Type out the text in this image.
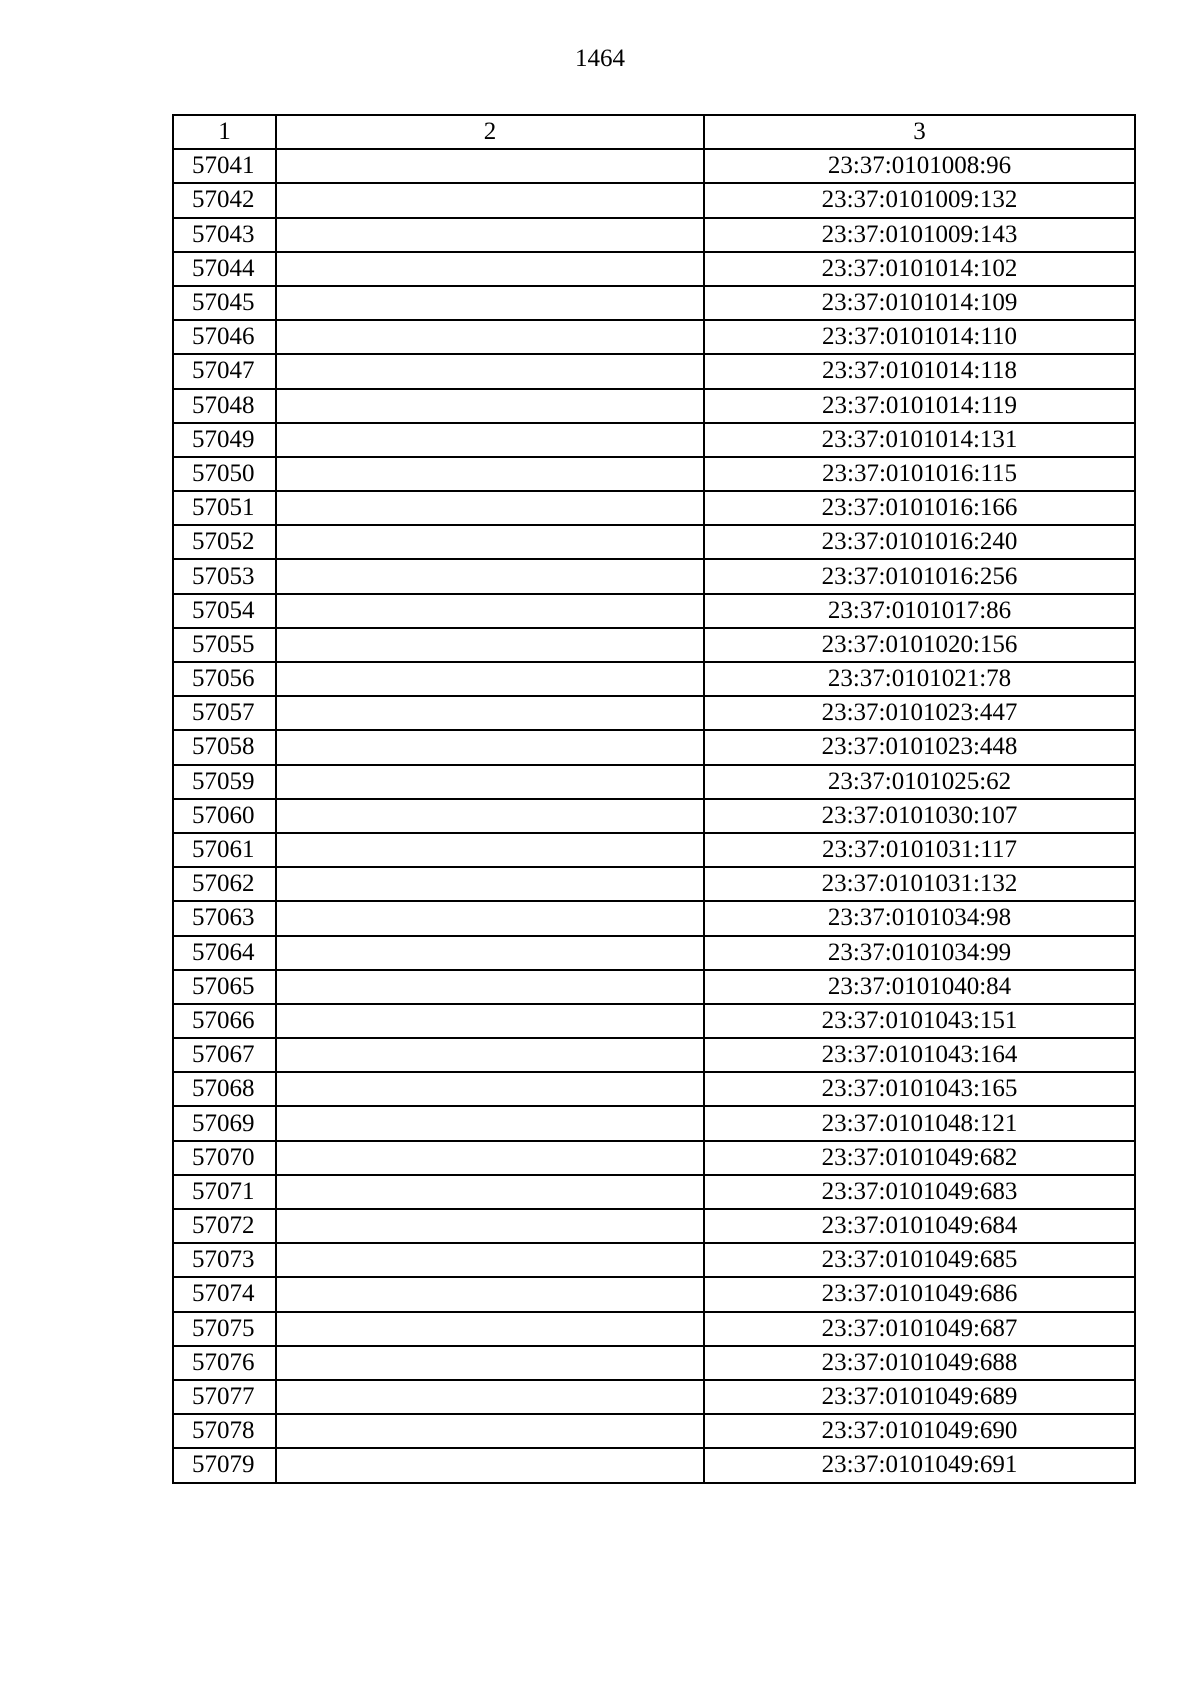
1464
1	2	3
57041		23:37:0101008:96
57042		23:37:0101009:132
57043		23:37:0101009:143
57044		23:37:0101014:102
57045		23:37:0101014:109
57046		23:37:0101014:110
57047		23:37:0101014:118
57048		23:37:0101014:119
57049		23:37:0101014:131
57050		23:37:0101016:115
57051		23:37:0101016:166
57052		23:37:0101016:240
57053		23:37:0101016:256
57054		23:37:0101017:86
57055		23:37:0101020:156
57056		23:37:0101021:78
57057		23:37:0101023:447
57058		23:37:0101023:448
57059		23:37:0101025:62
57060		23:37:0101030:107
57061		23:37:0101031:117
57062		23:37:0101031:132
57063		23:37:0101034:98
57064		23:37:0101034:99
57065		23:37:0101040:84
57066		23:37:0101043:151
57067		23:37:0101043:164
57068		23:37:0101043:165
57069		23:37:0101048:121
57070		23:37:0101049:682
57071		23:37:0101049:683
57072		23:37:0101049:684
57073		23:37:0101049:685
57074		23:37:0101049:686
57075		23:37:0101049:687
57076		23:37:0101049:688
57077		23:37:0101049:689
57078		23:37:0101049:690
57079		23:37:0101049:691
